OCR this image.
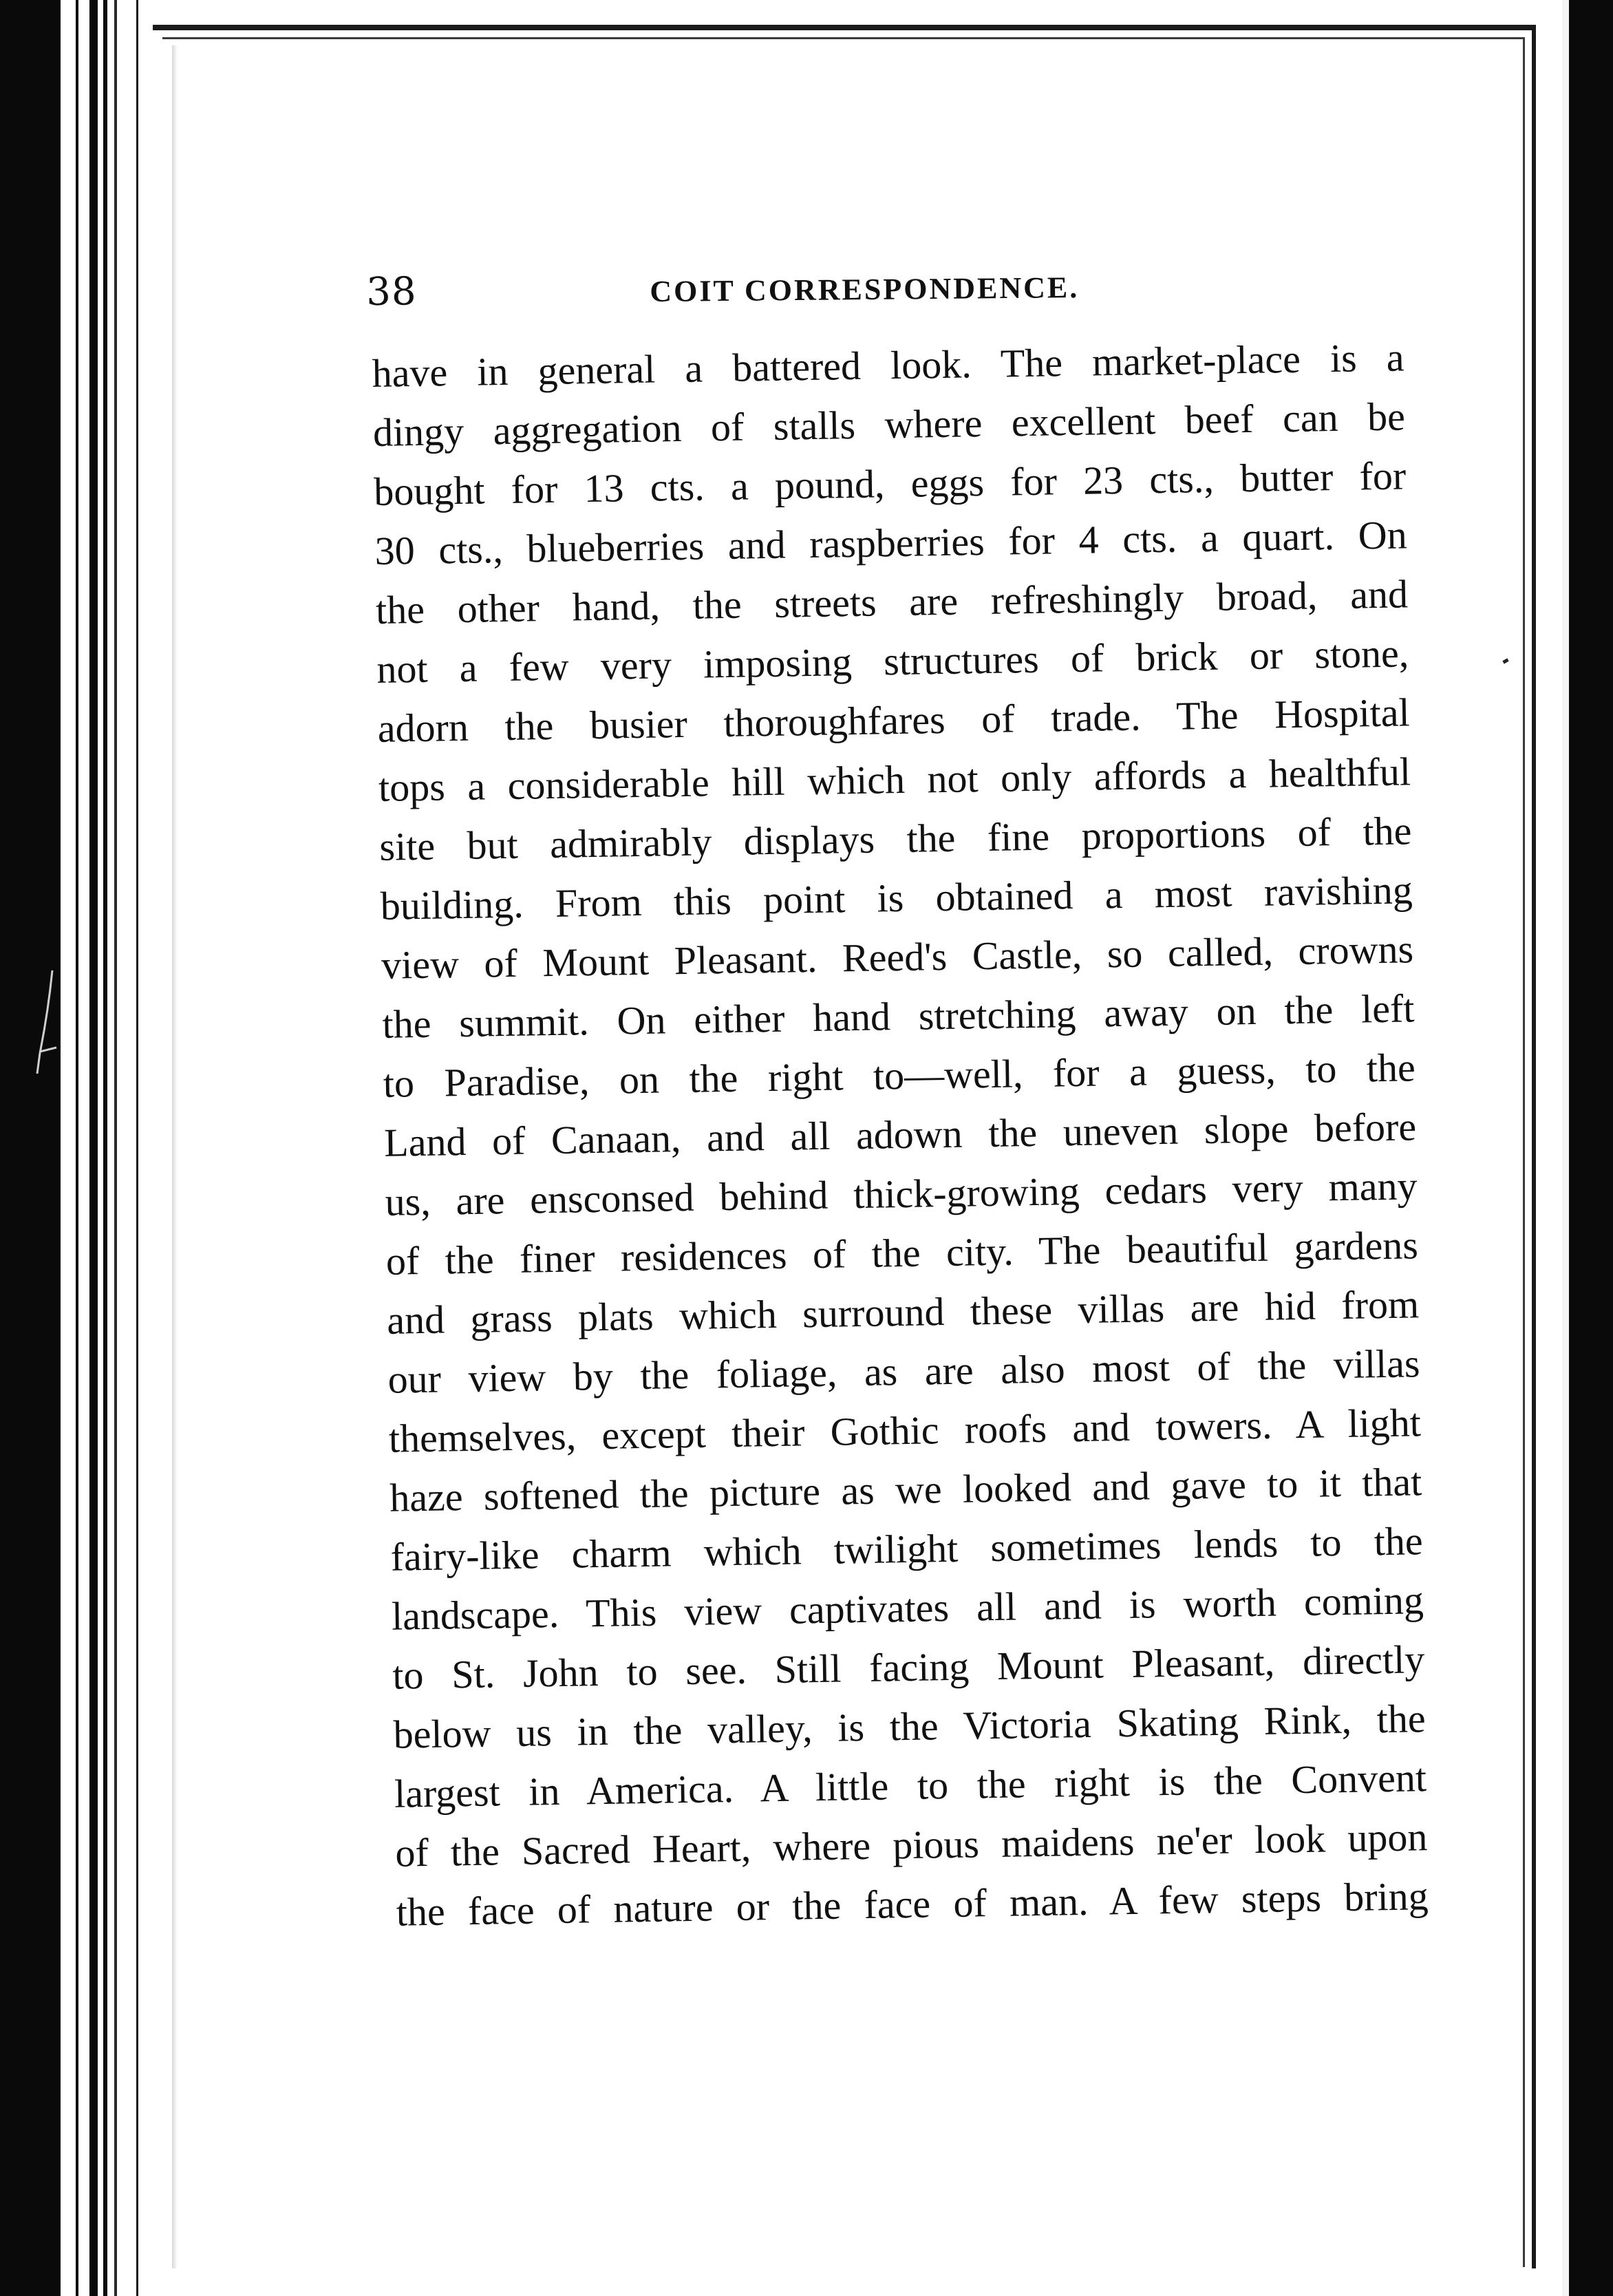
38	COIT CORRESPONDENCE.
have in general a battered look. The market-place is a
dingy aggregation of stalls where excellent beef can be
bought for 13 cts. a pound, eggs for 23 cts., butter for
30 cts., blueberries and raspberries for 4 cts. a quart. On
the other hand, the streets are refreshingly broad, and
not a few very imposing structures of brick or stone,
adorn the busier thoroughfares of trade. The Hospital
tops a considerable hill which not only affords a healthful
site but admirably displays the fine proportions of the
building. From this point is obtained a most ravishing
view of Mount Pleasant. Reed's Castle, so called, crowns
the summit. On either hand stretching away on the left
to Paradise, on the right to—well, for a guess, to the
Land of Canaan, and all adown the uneven slope before
us, are ensconsed behind thick-growing cedars very many
of the finer residences of the city. The beautiful gardens
and grass plats which surround these villas are hid from
our view by the foliage, as are also most of the villas
themselves, except their Gothic roofs and towers. A light
haze softened the picture as we looked and gave to it that
fairy-like charm which twilight sometimes lends to the
landscape. This view captivates all and is worth coming
to St. John to see. Still facing Mount Pleasant, directly
below us in the valley, is the Victoria Skating Rink, the
largest in America. A little to the right is the Convent
of the Sacred Heart, where pious maidens ne'er look upon
the face of nature or the face of man. A few steps bring
